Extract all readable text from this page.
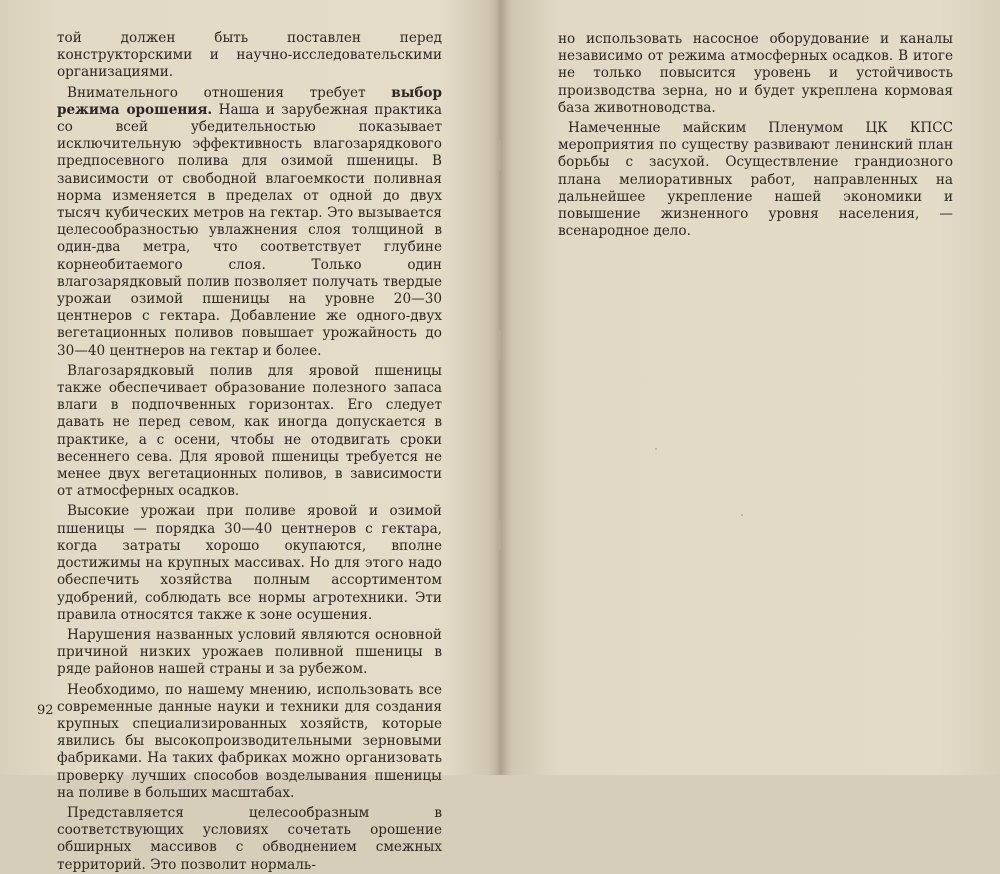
той должен быть поставлен перед конструкторскими и научно-исследовательскими организациями.

Внимательного отношения требует выбор режима орошения. Наша и зарубежная практика со всей убедительностью показывает исключительную эффективность влагозарядкового предпосевного полива для озимой пшеницы. В зависимости от свободной влагоемкости поливная норма изменяется в пределах от одной до двух тысяч кубических метров на гектар. Это вызывается целесообразностью увлажнения слоя толщиной в один-два метра, что соответствует глубине корнеобитаемого слоя. Только один влагозарядковый полив позволяет получать твердые урожаи озимой пшеницы на уровне 20—30 центнеров с гектара. Добавление же одного-двух вегетационных поливов повышает урожайность до 30—40 центнеров на гектар и более.

Влагозарядковый полив для яровой пшеницы также обеспечивает образование полезного запаса влаги в подпочвенных горизонтах. Его следует давать не перед севом, как иногда допускается в практике, а с осени, чтобы не отодвигать сроки весеннего сева. Для яровой пшеницы требуется не менее двух вегетационных поливов, в зависимости от атмосферных осадков.

Высокие урожаи при поливе яровой и озимой пшеницы — порядка 30—40 центнеров с гектара, когда затраты хорошо окупаются, вполне достижимы на крупных массивах. Но для этого надо обеспечить хозяйства полным ассортиментом удобрений, соблюдать все нормы агротехники. Эти правила относятся также к зоне осушения.

Нарушения названных условий являются основной причиной низких урожаев поливной пшеницы в ряде районов нашей страны и за рубежом.

Необходимо, по нашему мнению, использовать все современные данные науки и техники для создания крупных специализированных хозяйств, которые явились бы высокопроизводительными зерновыми фабриками. На таких фабриках можно организовать проверку лучших способов возделывания пшеницы на поливе в больших масштабах.

Представляется целесообразным в соответствующих условиях сочетать орошение обширных массивов с обводнением смежных территорий. Это позволит нормаль-

92

но использовать насосное оборудование и каналы независимо от режима атмосферных осадков. В итоге не только повысится уровень и устойчивость производства зерна, но и будет укреплена кормовая база животноводства.

Намеченные майским Пленумом ЦК КПСС мероприятия по существу развивают ленинский план борьбы с засухой. Осуществление грандиозного плана мелиоративных работ, направленных на дальнейшее укрепление нашей экономики и повышение жизненного уровня населения, — всенародное дело.
